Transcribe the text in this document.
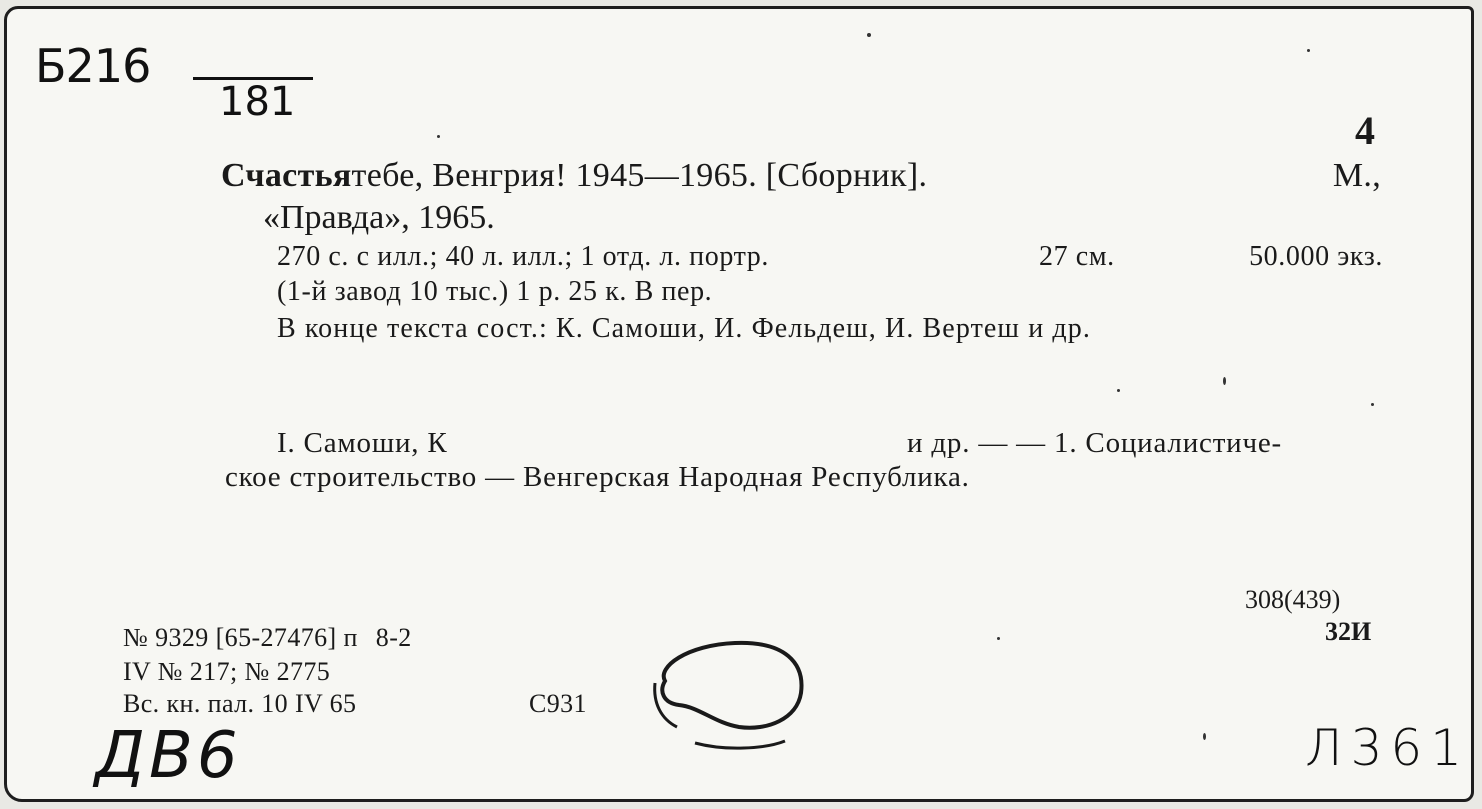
Б216
181
4
Счастьятебе, Венгрия! 1945—1965. [Сборник].	М.,
«Правда», 1965.
270 с. с илл.; 40 л. илл.; 1 отд. л. портр.	27 см.	50.000 экз.
(1-й завод 10 тыс.) 1 р. 25 к. В пер.
В конце текста сост.: К. Самоши, И. Фельдеш, И. Вертеш и др.
I. Самоши, К	и др. — — 1. Социалистиче-
ское строительство — Венгерская Народная Республика.
308(439)
32И
№ 9329 [65-27476] п 8-2
IV № 217; № 2775
Вс. кн. пал. 10 IV 65	С931
ДВ6	Л361
